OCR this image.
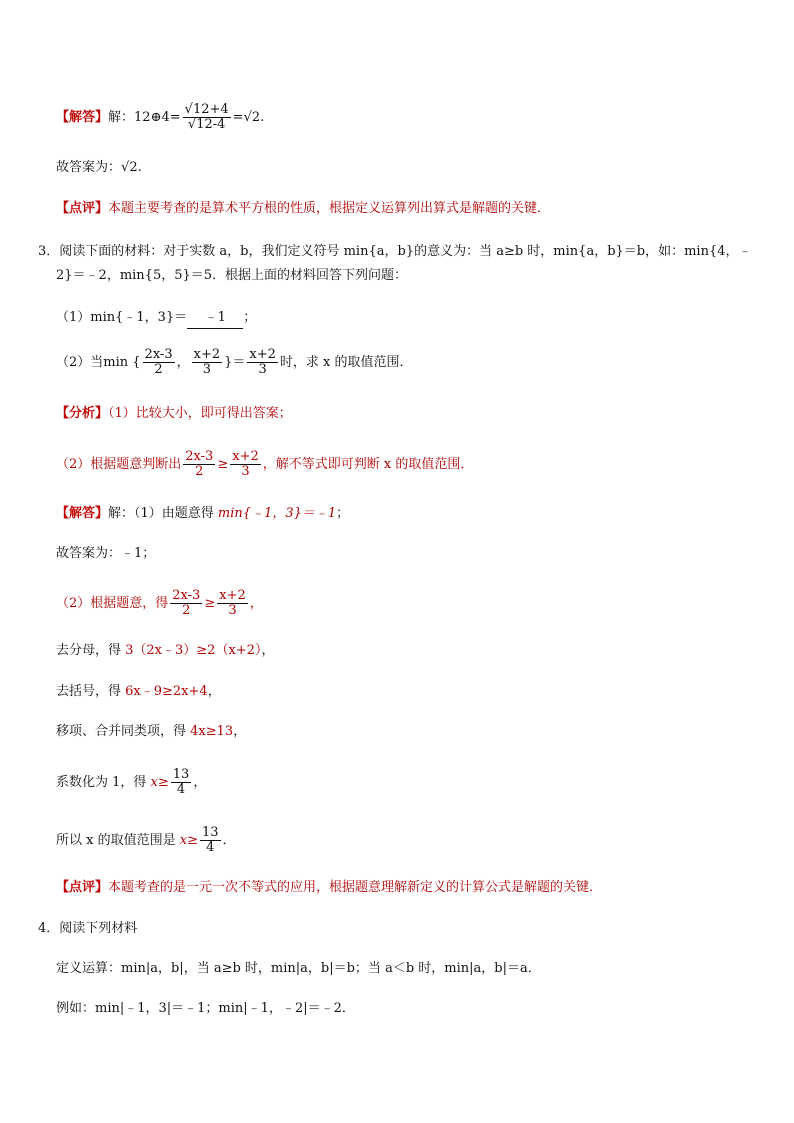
【解答】解：12⊕4= $\frac{√12+4}{√12-4} =√2$.
故答案为：√2.
【点评】本题主要考查的是算术平方根的性质，根据定义运算列出算式是解题的关键．
3．阅读下面的材料：对于实数 a，b，我们定义符号 min{a，b}的意义为：当 a≥b 时，min{a，b}＝b，如：min{4，﹣
2}＝﹣2，min{5，5}＝5．根据上面的材料回答下列问题：
（1）min{﹣1，3}＝ ﹣1 ；
（2）当min { $\frac{2x-3}{2}$ ， $\frac{x+2}{3}$ }＝ $\frac{x+2}{3}$ 时，求 x 的取值范围．
【分析】（1）比较大小，即可得出答案；
（2）根据题意判断出 $\frac{2x-3}{2} \ge \frac{x+2}{3}$ ，解不等式即可判断 x 的取值范围．
【解答】解：（1）由题意得 min{﹣1，3}＝﹣1；
故答案为：﹣1；
（2）根据题意，得 $\frac{2x-3}{2} \ge \frac{x+2}{3}$ ，
去分母，得 3（2x﹣3）≥2（x+2），
去括号，得 6x﹣9≥2x+4，
移项、合并同类项，得 4x≥13，
系数化为 1，得 $x\ge \frac{13}{4}$ ，
所以 x 的取值范围是 $x\ge \frac{13}{4}$ ．
【点评】本题考查的是一元一次不等式的应用，根据题意理解新定义的计算公式是解题的关键．
4．阅读下列材料
定义运算：min|a，b|，当 a≥b 时，min|a，b|＝b；当 a＜b 时，min|a，b|＝a．
例如：min|﹣1，3|＝﹣1；min|﹣1，﹣2|＝﹣2．
